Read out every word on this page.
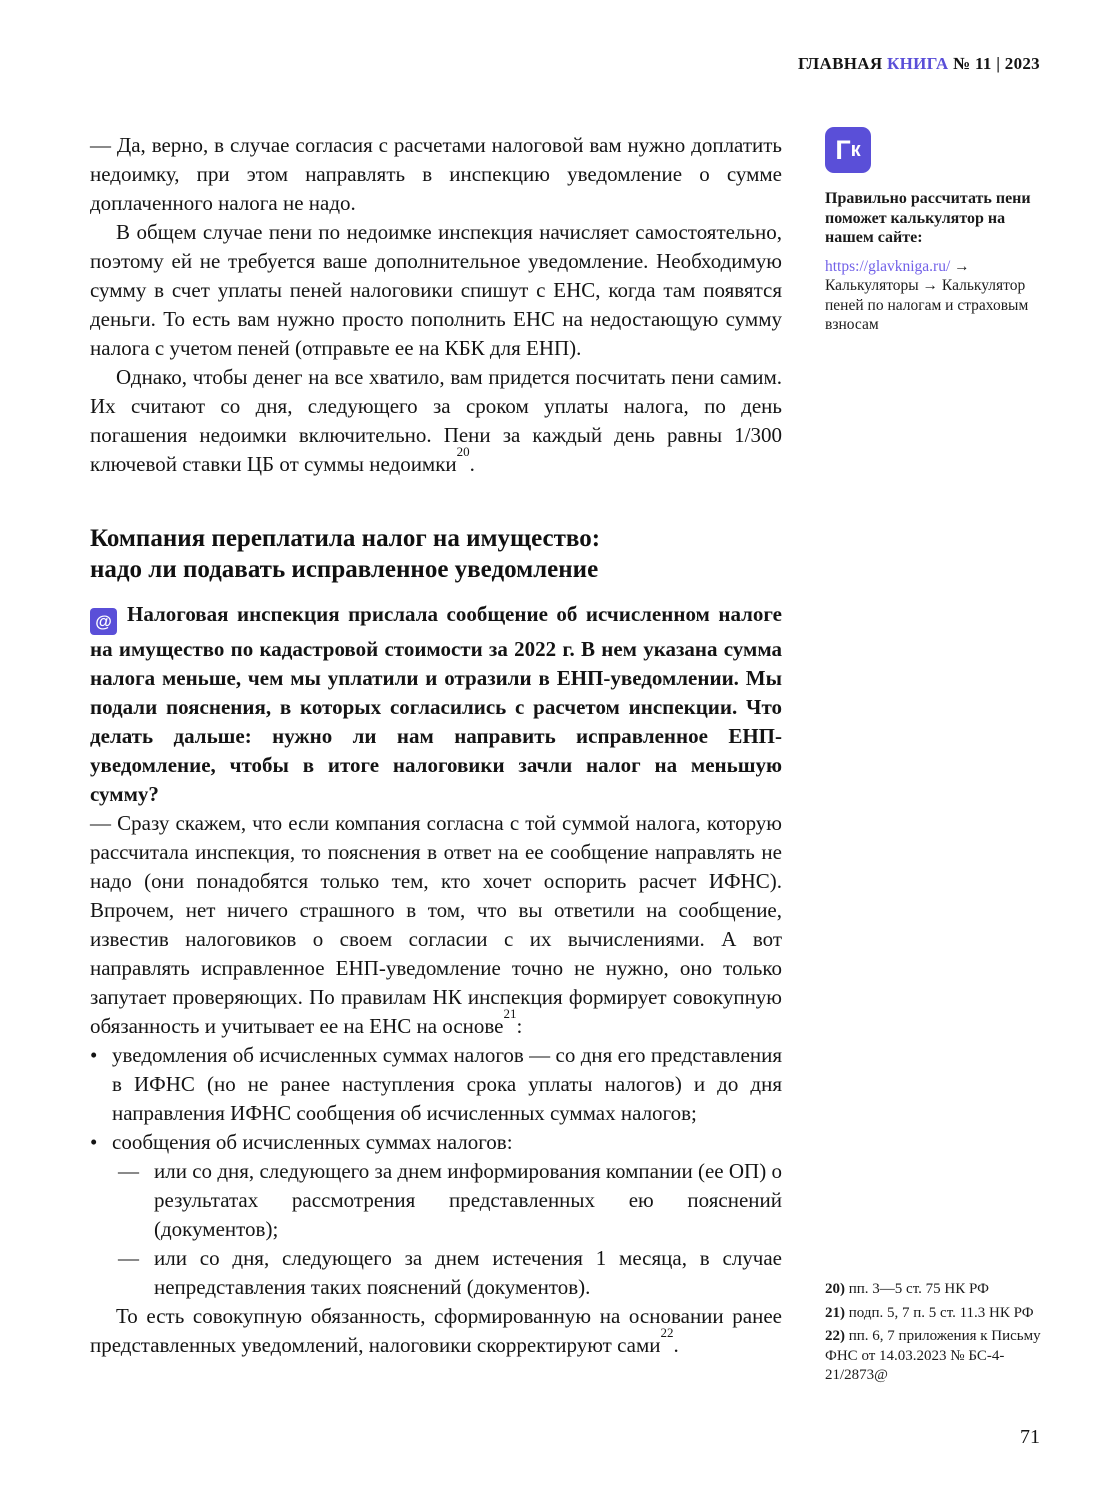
ГЛАВНАЯ КНИГА № 11 | 2023

— Да, верно, в случае согласия с расчетами налоговой вам нужно доплатить недоимку, при этом направлять в инспекцию уведомление о сумме доплаченного налога не надо.

В общем случае пени по недоимке инспекция начисляет самостоятельно, поэтому ей не требуется ваше дополнительное уведомление. Необходимую сумму в счет уплаты пеней налоговики спишут с ЕНС, когда там появятся деньги. То есть вам нужно просто пополнить ЕНС на недостающую сумму налога с учетом пеней (отправьте ее на КБК для ЕНП).

Однако, чтобы денег на все хватило, вам придется посчитать пени самим. Их считают со дня, следующего за сроком уплаты налога, по день погашения недоимки включительно. Пени за каждый день равны 1/300 ключевой ставки ЦБ от суммы недоимки$^{20}$.

Компания переплатила налог на имущество:
надо ли подавать исправленное уведомление

@ Налоговая инспекция прислала сообщение об исчисленном налоге на имущество по кадастровой стоимости за 2022 г. В нем указана сумма налога меньше, чем мы уплатили и отразили в ЕНП-уведомлении. Мы подали пояснения, в которых согласились с расчетом инспекции. Что делать дальше: нужно ли нам направить исправленное ЕНП-уведомление, чтобы в итоге налоговики зачли налог на меньшую сумму?

— Сразу скажем, что если компания согласна с той суммой налога, которую рассчитала инспекция, то пояснения в ответ на ее сообщение направлять не надо (они понадобятся только тем, кто хочет оспорить расчет ИФНС). Впрочем, нет ничего страшного в том, что вы ответили на сообщение, известив налоговиков о своем согласии с их вычислениями. А вот направлять исправленное ЕНП-уведомление точно не нужно, оно только запутает проверяющих. По правилам НК инспекция формирует совокупную обязанность и учитывает ее на ЕНС на основе$^{21}$:

• уведомления об исчисленных суммах налогов — со дня его представления в ИФНС (но не ранее наступления срока уплаты налогов) и до дня направления ИФНС сообщения об исчисленных суммах налогов;
• сообщения об исчисленных суммах налогов:
— или со дня, следующего за днем информирования компании (ее ОП) о результатах рассмотрения представленных ею пояснений (документов);
— или со дня, следующего за днем истечения 1 месяца, в случае непредставления таких пояснений (документов).

То есть совокупную обязанность, сформированную на основании ранее представленных уведомлений, налоговики скорректируют сами$^{22}$.

Г к
Правильно рассчитать пени поможет калькулятор на нашем сайте:
https://glavkniga.ru/ → Калькуляторы → Калькулятор пеней по налогам и страховым взносам
20) пп. 3—5 ст. 75 НК РФ
21) подп. 5, 7 п. 5 ст. 11.3 НК РФ
22) пп. 6, 7 приложения к Письму ФНС от 14.03.2023 № БС-4-21/2873@
71
